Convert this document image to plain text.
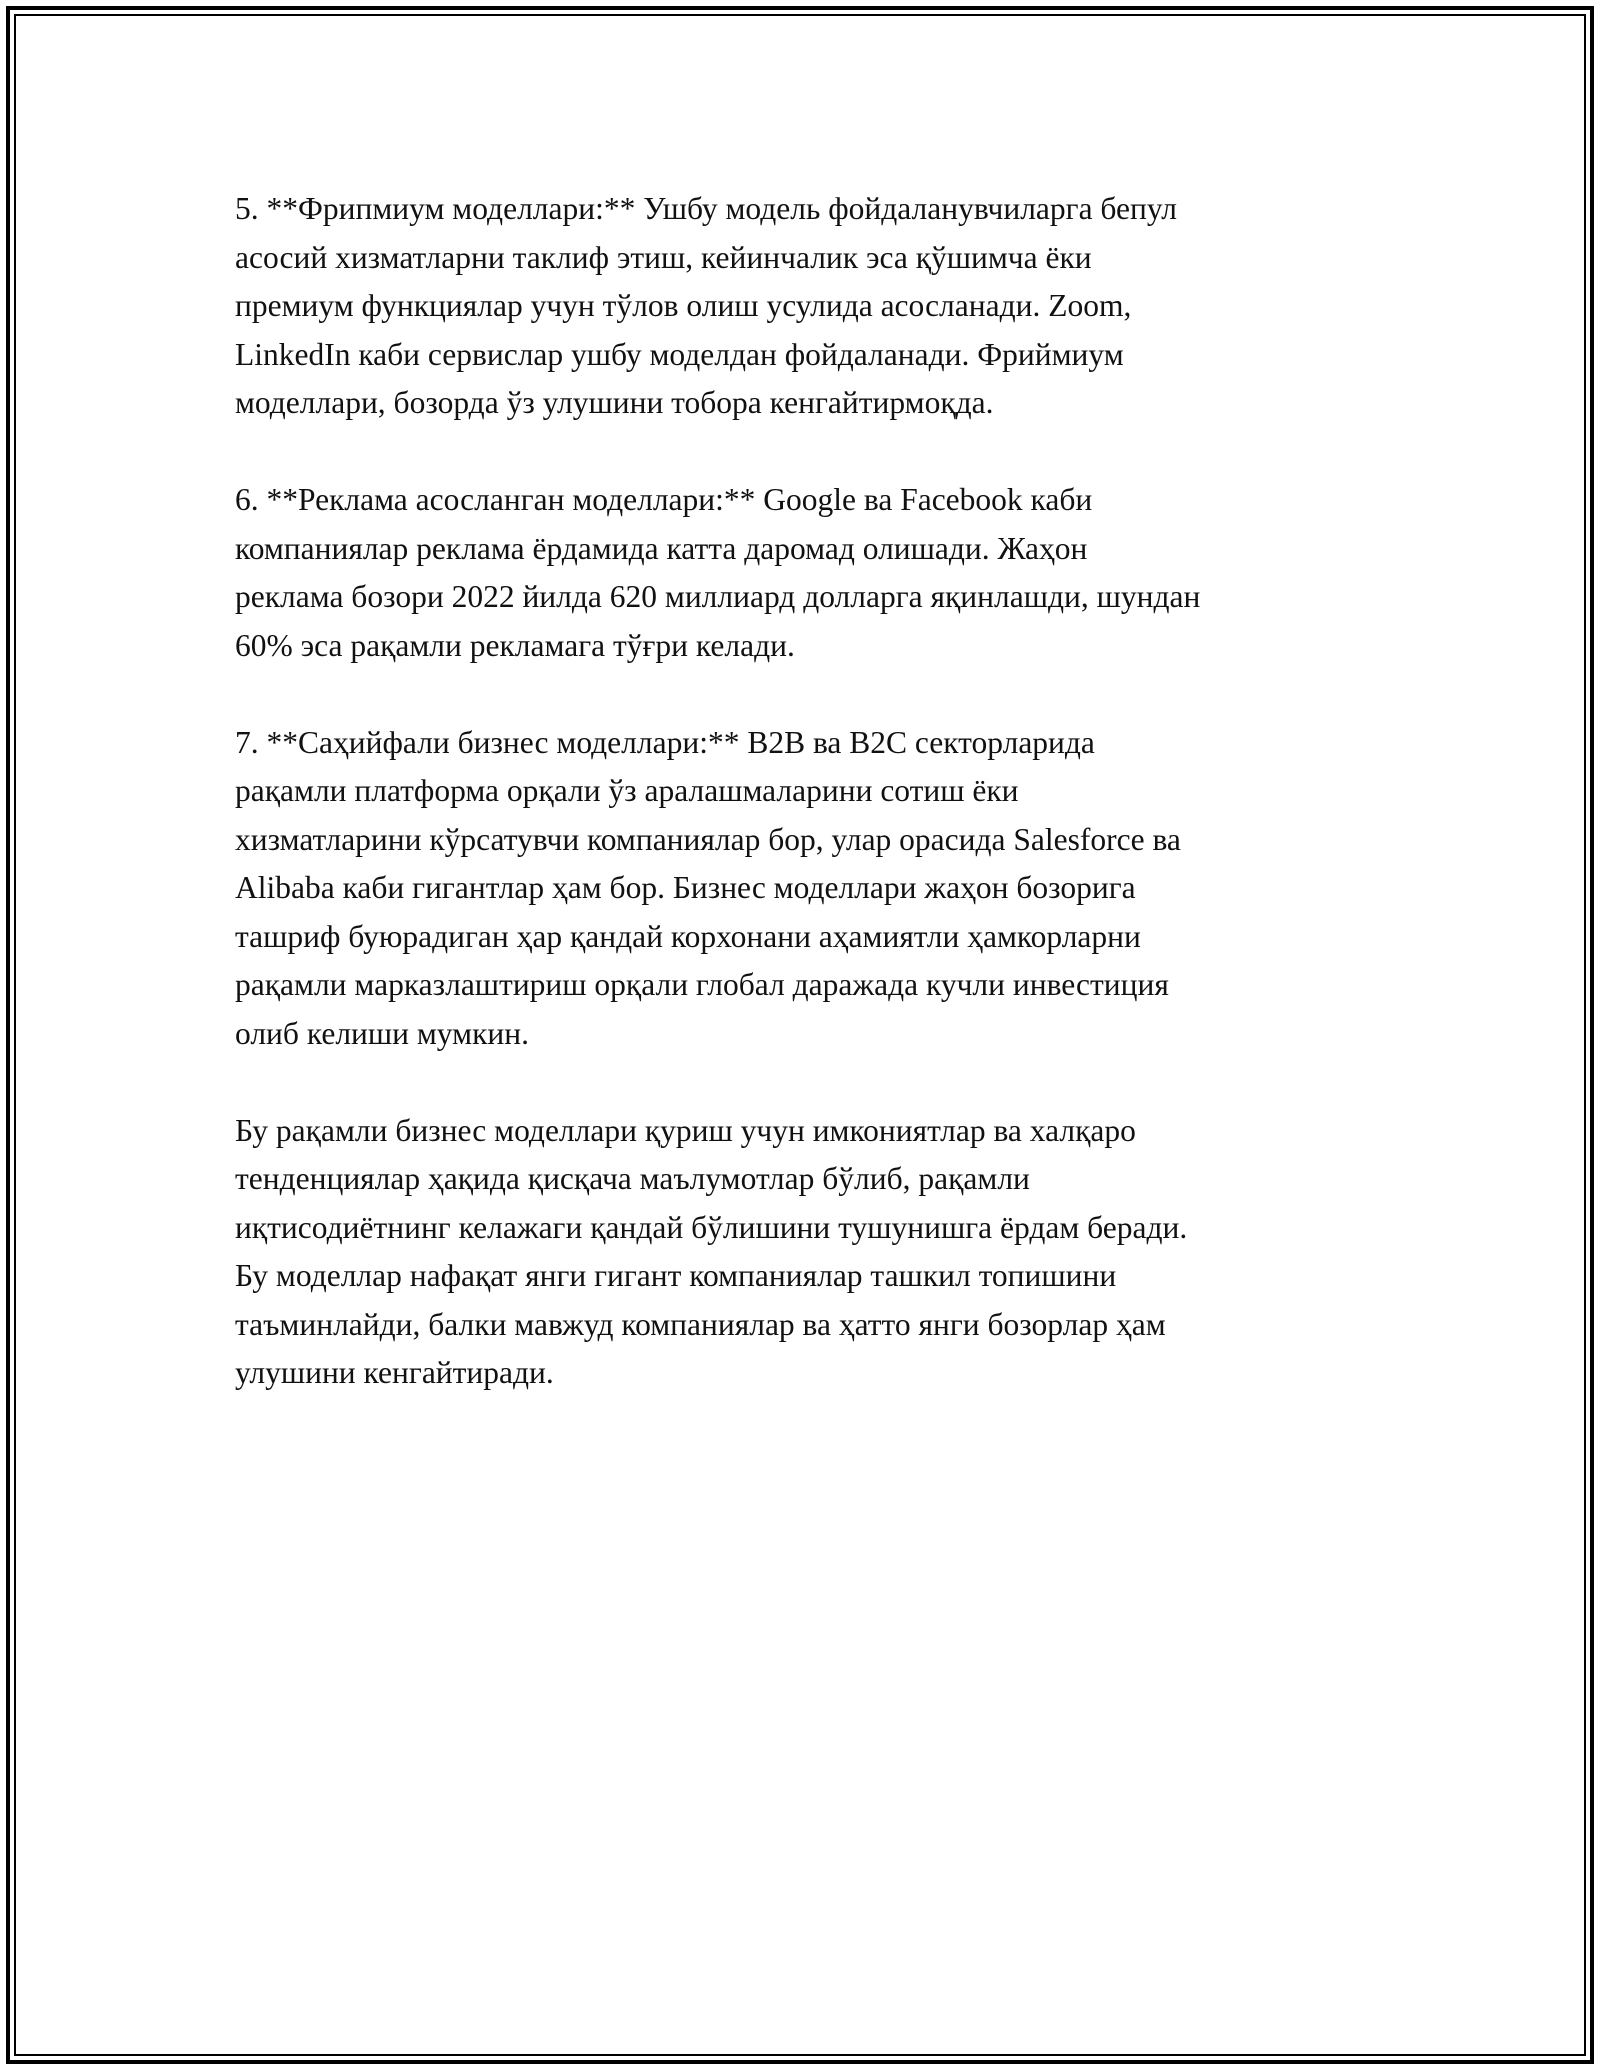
5. **Фрипмиум моделлари:** Ушбу модель фойдаланувчиларга бепул
асосий хизматларни таклиф этиш, кейинчалик эса қўшимча ёки
премиум функциялар учун тўлов олиш усулида асосланади. Zoom,
LinkedIn каби сервислар ушбу моделдан фойдаланади. Фриймиум
моделлари, бозорда ўз улушини тобора кенгайтирмоқда.

6. **Реклама асосланган моделлари:** Google ва Facebook каби
компаниялар реклама ёрдамида катта даромад олишади. Жаҳон
реклама бозори 2022 йилда 620 миллиард долларга яқинлашди, шундан
60% эса рақамли рекламага тўғри келади.

7. **Саҳийфали бизнес моделлари:** B2B ва B2C секторларида
рақамли платформа орқали ўз аралашмаларини сотиш ёки
хизматларини кўрсатувчи компаниялар бор, улар орасида Salesforce ва
Alibaba каби гигантлар ҳам бор. Бизнес моделлари жаҳон бозорига
ташриф буюрадиган ҳар қандай корхонани аҳамиятли ҳамкорларни
рақамли марказлаштириш орқали глобал даражада кучли инвестиция
олиб келиши мумкин.

Бу рақамли бизнес моделлари қуриш учун имкониятлар ва халқаро
тенденциялар ҳақида қисқача маълумотлар бўлиб, рақамли
иқтисодиётнинг келажаги қандай бўлишини тушунишга ёрдам беради.
Бу моделлар нафақат янги гигант компаниялар ташкил топишини
таъминлайди, балки мавжуд компаниялар ва ҳатто янги бозорлар ҳам
улушини кенгайтиради.
